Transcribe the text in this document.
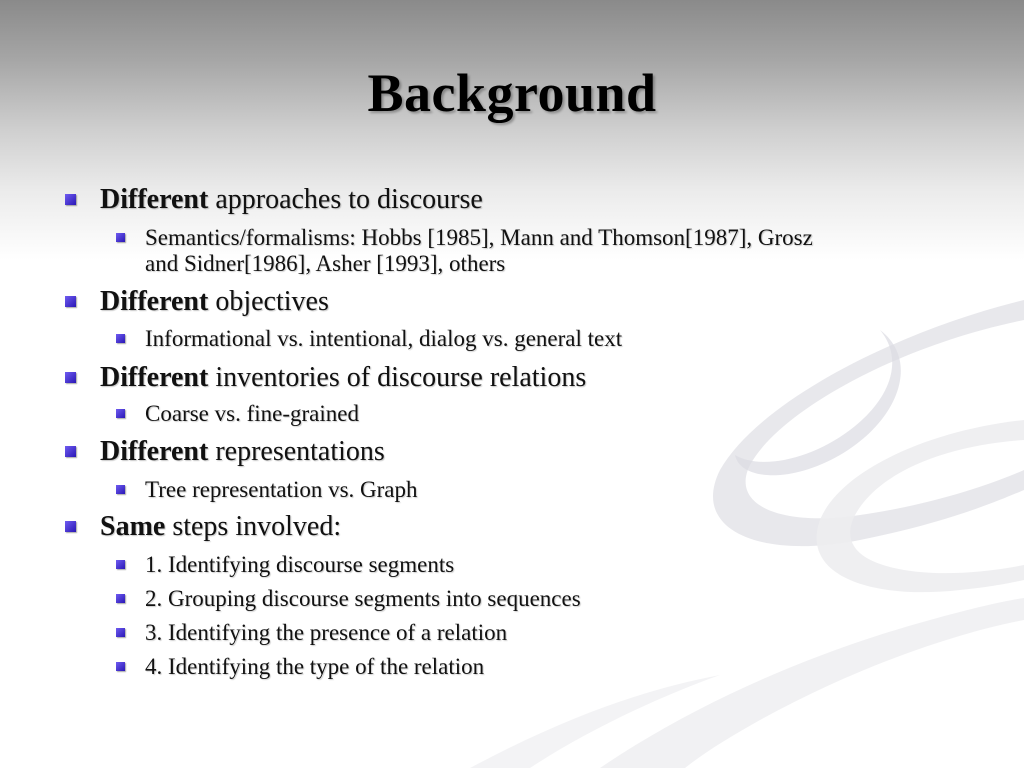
Background
Different approaches to discourse
Semantics/formalisms: Hobbs [1985], Mann and Thomson[1987], Grosz
and Sidner[1986], Asher [1993], others
Different objectives
Informational vs. intentional, dialog vs. general text
Different inventories of discourse relations
Coarse vs. fine-grained
Different representations
Tree representation vs. Graph
Same steps involved:
1. Identifying discourse segments
2. Grouping discourse segments into sequences
3. Identifying the presence of a relation
4. Identifying the type of the relation
